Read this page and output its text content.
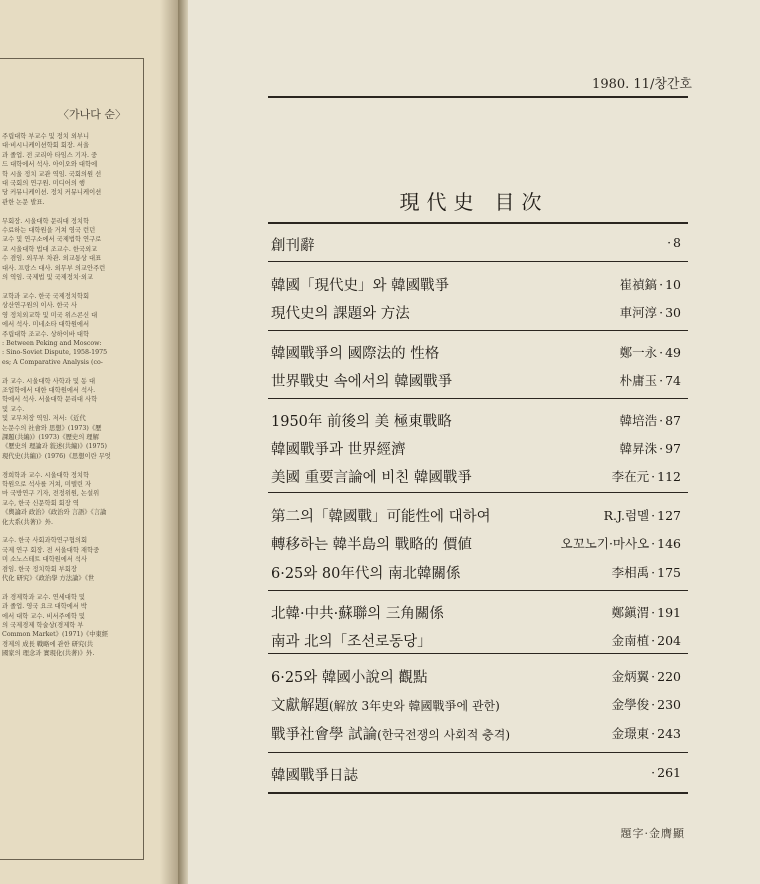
〈가나다 순〉
주립대학 부교수 및 정치 외부니
대·비시니케이션학회 회장. 서울
과 졸업. 전 코리아 타임스 기자. 중
드 대학에서 석사. 아이오와 대학에
학 시울 정치 교관 역임. 국회의원 선
대 국회의 연구원. 미디어의 행
당 커뮤니케이션. 정치 커뮤니케이션
관한 논문 발표.
무회장. 시울대학 문리대 정치학
수료하는 대학원을 거쳐 영국 런던
교수 및 연구소에서 국제법학 연구로
교 시울대학 법대 조교수. 한국외교
수 겸임. 외무부 차관. 외교통상 대표
대사. 프랑스 대사. 외무부 의교안주런
의 역임. 국제법 및 국제정치·외교
교학과 교수. 한국 국제정치학회
상산연구원의 이사. 한국 사
영 정치외교학 및 미국 위스콘신 대
에서 석사. 미네소타 대학원에서
주립대학 조교수. 상하이바 대학
: Between Peking and Moscow:
: Sino-Soviet Dispute, 1958-1975
es; A Comparative Analysis (co-
과 교수. 시울대학 사학과 및 동 대
조업학에서 대한 대학원에서 석사.
학에서 석사. 서울대학 문리대 사학
및 교수.
및 교무처장 역임. 저서:《近代
논문수의 社會와 思想》(1973)《歷
課題(共編)》(1973)《歷史의 理解
《歷史의 理論과 敍述(共編)》(1975)
現代史(共編)》(1976)《思想이란 무엇
경희학과 교수. 시울대학 정치학
학원으로 석사를 거쳐, 미텔린 자
마 국방연구 기자, 전정위원, 논설위
교수, 한국 신문학회 회장 역
《輿論과 政治》《政治와 言語》《言論
化大系(共著)》外.
교수. 한국 사회과학연구협의회
국제 연구 회장. 전 서울대학 재학중
미 소노스테트 대학원에서 석사
겸임. 한국 정치학회 부회장
代化 研究》《政治學 方法論》《世
과 경제학과 교수. 연세대학 및
과 졸업. 영국 요크 대학에서 박
에서 대학 교수. 비서주에학 및
의 국제경제 학술상(경제학 부
Common Market》(1971)《中東經
경제의 成長 戰略에 관한 研究(共
國家의 理念과 實現化(共著)》外.
1980. 11/창간호
現代史 目次
創刊辭	· 8
韓國「現代史」와 韓國戰爭	崔禎鎬 · 10
現代史의 課題와 方法	車河淳 · 30
韓國戰爭의 國際法的 性格	鄭一永 · 49
世界戰史 속에서의 韓國戰爭	朴庸玉 · 74
1950年 前後의 美 極東戰略	韓培浩 · 87
韓國戰爭과 世界經濟	韓昇洙 · 97
美國 重要言論에 비친 韓國戰爭	李在元 · 112
第二의「韓國戰」可能性에 대하여	R.J.럼멜 · 127
轉移하는 韓半島의 戰略的 價値	오꼬노기·마사오 · 146
6·25와 80年代의 南北韓關係	李相禹 · 175
北韓·中共·蘇聯의 三角關係	鄭鎭渭 · 191
南과 北의「조선로동당」	金南植 · 204
6·25와 韓國小說의 觀點	金炳翼 · 220
文獻解題(解放 3年史와 韓國戰爭에 관한)	金學俊 · 230
戰爭社會學 試論(한국전쟁의 사회적 충격)	金璟東 · 243
韓國戰爭日誌	· 261
題字·金膺顯
